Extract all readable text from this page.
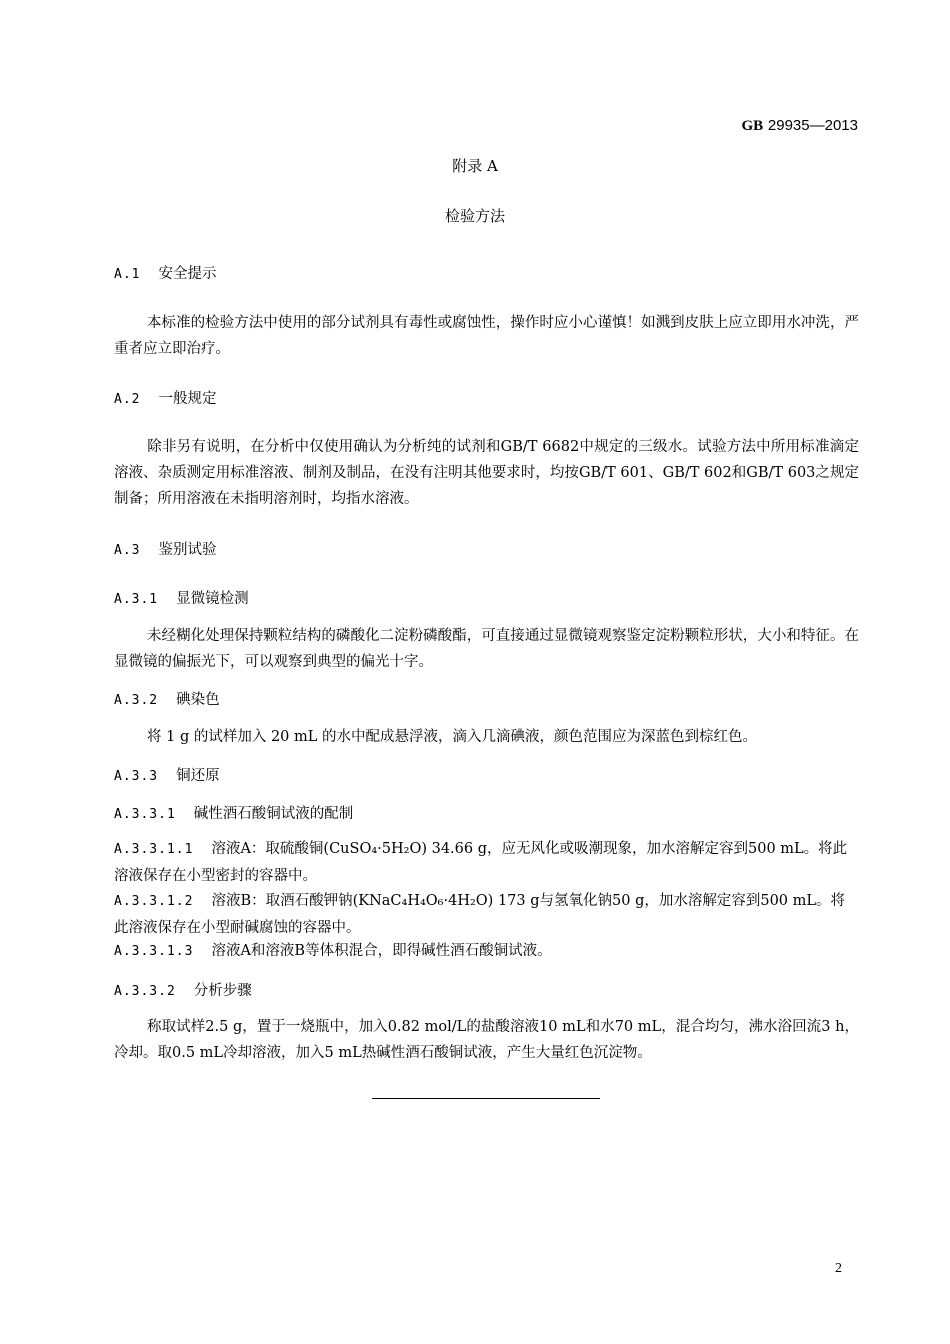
GB 29935—2013
附录 A
检验方法
A.1 安全提示
本标准的检验方法中使用的部分试剂具有毒性或腐蚀性，操作时应小心谨慎！如溅到皮肤上应立即用水冲洗，严重者应立即治疗。
A.2 一般规定
除非另有说明，在分析中仅使用确认为分析纯的试剂和GB/T 6682中规定的三级水。试验方法中所用标准滴定溶液、杂质测定用标准溶液、制剂及制品，在没有注明其他要求时，均按GB/T 601、GB/T 602和GB/T 603之规定制备；所用溶液在未指明溶剂时，均指水溶液。
A.3 鉴别试验
A.3.1 显微镜检测
未经糊化处理保持颗粒结构的磷酸化二淀粉磷酸酯，可直接通过显微镜观察鉴定淀粉颗粒形状，大小和特征。在显微镜的偏振光下，可以观察到典型的偏光十字。
A.3.2 碘染色
将 1 g 的试样加入 20 mL 的水中配成悬浮液，滴入几滴碘液，颜色范围应为深蓝色到棕红色。
A.3.3 铜还原
A.3.3.1 碱性酒石酸铜试液的配制
A.3.3.1.1 溶液A：取硫酸铜(CuSO₄·5H₂O) 34.66 g，应无风化或吸潮现象，加水溶解定容到500 mL。将此溶液保存在小型密封的容器中。
A.3.3.1.2 溶液B：取酒石酸钾钠(KNaC₄H₄O₆·4H₂O) 173 g与氢氧化钠50 g，加水溶解定容到500 mL。将此溶液保存在小型耐碱腐蚀的容器中。
A.3.3.1.3 溶液A和溶液B等体积混合，即得碱性酒石酸铜试液。
A.3.3.2 分析步骤
称取试样2.5 g，置于一烧瓶中，加入0.82 mol/L的盐酸溶液10 mL和水70 mL，混合均匀，沸水浴回流3 h，冷却。取0.5 mL冷却溶液，加入5 mL热碱性酒石酸铜试液，产生大量红色沉淀物。
2
